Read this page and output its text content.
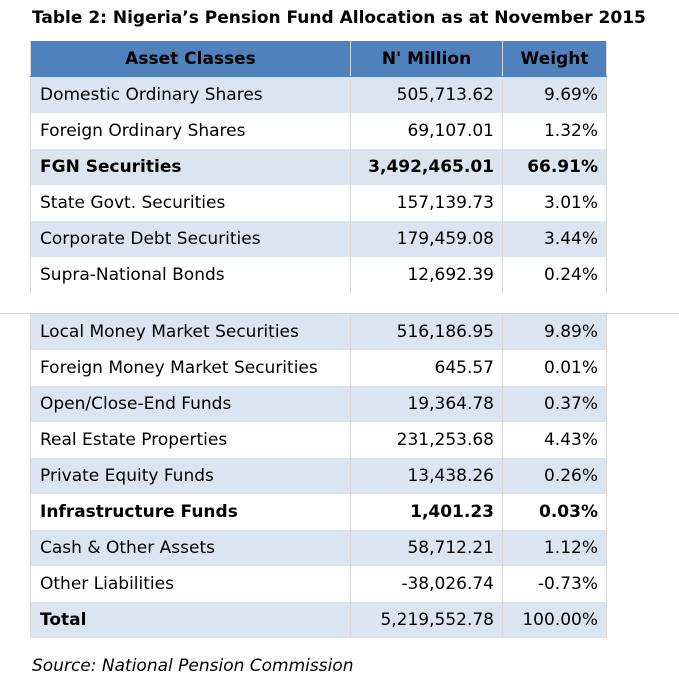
Table 2: Nigeria’s Pension Fund Allocation as at November 2015
Asset Classes	N' Million	Weight
Domestic Ordinary Shares	505,713.62	9.69%
Foreign Ordinary Shares	69,107.01	1.32%
FGN Securities	3,492,465.01	66.91%
State Govt. Securities	157,139.73	3.01%
Corporate Debt Securities	179,459.08	3.44%
Supra-National Bonds	12,692.39	0.24%
Local Money Market Securities	516,186.95	9.89%
Foreign Money Market Securities	645.57	0.01%
Open/Close-End Funds	19,364.78	0.37%
Real Estate Properties	231,253.68	4.43%
Private Equity Funds	13,438.26	0.26%
Infrastructure Funds	1,401.23	0.03%
Cash & Other Assets	58,712.21	1.12%
Other Liabilities	-38,026.74	-0.73%
Total	5,219,552.78	100.00%
Source: National Pension Commission
